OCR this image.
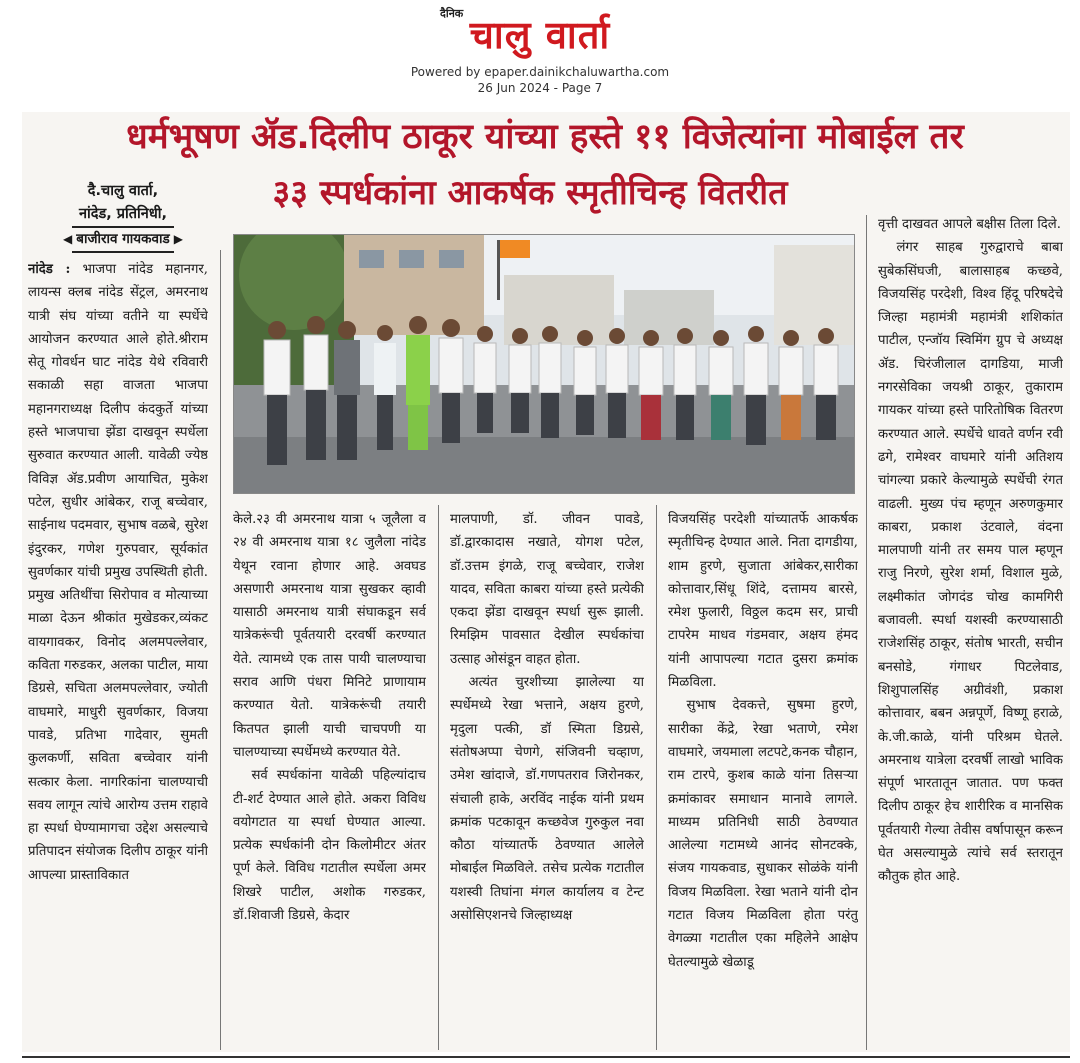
दैनिक चालु वार्ता
Powered by epaper.dainikchaluwartha.com
26 Jun 2024 - Page 7
धर्मभूषण ॲड.दिलीप ठाकूर यांच्या हस्ते ११ विजेत्यांना मोबाईल तर
३३ स्पर्धकांना आकर्षक स्मृतीचिन्ह वितरीत
दै.चालु वार्ता,
नांदेड, प्रतिनिधी,
◀ बाजीराव गायकवाड ▶

नांदेड : भाजपा नांदेड महानगर, लायन्स क्लब नांदेड सेंट्रल, अमरनाथ यात्री संघ यांच्या वतीने या स्पर्धेचे आयोजन करण्यात आले होते.श्रीराम सेतू गोवर्धन घाट नांदेड येथे रविवारी सकाळी सहा वाजता भाजपा महानगराध्यक्ष दिलीप कंदकुर्ते यांच्या हस्ते भाजपाचा झेंडा दाखवून स्पर्धेला सुरुवात करण्यात आली. यावेळी ज्येष्ठ विविज्ञ ॲड.प्रवीण आयाचित, मुकेश पटेल, सुधीर आंबेकर, राजू बच्चेवार, साईनाथ पदमवार, सुभाष वळबे, सुरेश इंदुरकर, गणेश गुरुपवार, सूर्यकांत सुवर्णकार यांची प्रमुख उपस्थिती होती. प्रमुख अतिथींचा सिरोपाव व मोत्याच्या माळा देऊन श्रीकांत मुखेडकर,व्यंकट वायगावकर, विनोद अलमपल्लेवार, कविता गरुडकर, अलका पाटील, माया डिग्रसे, सचिता अलमपल्लेवार, ज्योती वाघमारे, माधुरी सुवर्णकार, विजया पावडे, प्रतिभा गादेवार, सुमती कुलकर्णी, सविता बच्चेवार यांनी सत्कार केला. नागरिकांना चालण्याची सवय लागून त्यांचे आरोग्य उत्तम राहावे हा स्पर्धा घेण्यामागचा उद्देश असल्याचे प्रतिपादन संयोजक दिलीप ठाकूर यांनी आपल्या प्रास्ताविकात

केले.२३ वी अमरनाथ यात्रा ५ जूलैला व २४ वी अमरनाथ यात्रा १८ जुलैला नांदेड येथून रवाना होणार आहे. अवघड असणारी अमरनाथ यात्रा सुखकर व्हावी यासाठी अमरनाथ यात्री संघाकडून सर्व यात्रेकरूंची पूर्वतयारी दरवर्षी करण्यात येते. त्यामध्ये एक तास पायी चालण्याचा सराव आणि पंधरा मिनिटे प्राणायाम करण्यात येतो. यात्रेकरूंची तयारी कितपत झाली याची चाचपणी या चालण्याच्या स्पर्धेमध्ये करण्यात येते.

सर्व स्पर्धकांना यावेळी पहिल्यांदाच टी-शर्ट देण्यात आले होते. अकरा विविध वयोगटात या स्पर्धा घेण्यात आल्या. प्रत्येक स्पर्धकांनी दोन किलोमीटर अंतर पूर्ण केले. विविध गटातील स्पर्धेला अमर शिखरे पाटील, अशोक गरुडकर, डॉ.शिवाजी डिग्रसे, केदार

मालपाणी, डॉ. जीवन पावडे, डॉ.द्वारकादास नखाते, योगश पटेल, डॉ.उत्तम इंगळे, राजू बच्चेवार, राजेश यादव, सविता काबरा यांच्या हस्ते प्रत्येकी एकदा झेंडा दाखवून स्पर्धा सुरू झाली. रिमझिम पावसात देखील स्पर्धकांचा उत्साह ओसंडून वाहत होता.

अत्यंत चुरशीच्या झालेल्या या स्पर्धेमध्ये रेखा भत्ताने, अक्षय हुरणे, मृदुला पत्की, डॉ स्मिता डिग्रसे, संतोषअप्पा चेणगे, संजिवनी चव्हाण, उमेश खांदाजे, डॉ.गणपतराव जिरोनकर, संचाली हाके, अरविंद नाईक यांनी प्रथम क्रमांक पटकावून कच्छवेज गुरुकुल नवा कौठा यांच्यातर्फे ठेवण्यात आलेले मोबाईल मिळविले. तसेच प्रत्येक गटातील यशस्वी तिघांना मंगल कार्यालय व टेन्ट असोसिएशनचे जिल्हाध्यक्ष

विजयसिंह परदेशी यांच्यातर्फे आकर्षक स्मृतीचिन्ह देण्यात आले. निता दागडीया, शाम हुरणे, सुजाता आंबेकर,सारीका कोत्तावार,सिंधू शिंदे, दत्तामय बारसे, रमेश फुलारी, विठ्ठल कदम सर, प्राची टापरेम माधव गंडमवार, अक्षय हंमद यांनी आपापल्या गटात दुसरा क्रमांक मिळविला.

सुभाष देवकत्ते, सुषमा हुरणे, सारीका केंद्रे, रेखा भताणे, रमेश वाघमारे, जयमाला लटपटे,कनक चौहान, राम टारपे, कुशब काळे यांना तिसऱ्या क्रमांकावर समाधान मानावे लागले. माध्यम प्रतिनिधी साठी ठेवण्यात आलेल्या गटामध्ये आनंद सोनटक्के, संजय गायकवाड, सुधाकर सोळंके यांनी विजय मिळविला. रेखा भताने यांनी दोन गटात विजय मिळविला होता परंतु वेगळ्या गटातील एका महिलेने आक्षेप घेतल्यामुळे खेळाडू

वृत्ती दाखवत आपले बक्षीस तिला दिले.

लंगर साहब गुरुद्वाराचे बाबा सुबेकसिंघजी, बालासाहब कच्छवे, विजयसिंह परदेशी, विश्व हिंदू परिषदेचे जिल्हा महामंत्री महामंत्री शशिकांत पाटील, एन्जॉय स्विमिंग ग्रुप चे अध्यक्ष ॲड. चिरंजीलाल दागडिया, माजी नगरसेविका जयश्री ठाकूर, तुकाराम गायकर यांच्या हस्ते पारितोषिक वितरण करण्यात आले. स्पर्धेचे धावते वर्णन रवी ढगे, रामेश्वर वाघमारे यांनी अतिशय चांगल्या प्रकारे केल्यामुळे स्पर्धेची रंगत वाढली. मुख्य पंच म्हणून अरुणकुमार काबरा, प्रकाश उंटवाले, वंदना मालपाणी यांनी तर समय पाल म्हणून राजु निरणे, सुरेश शर्मा, विशाल मुळे, लक्ष्मीकांत जोगदंड चोख कामगिरी बजावली. स्पर्धा यशस्वी करण्यासाठी राजेशसिंह ठाकूर, संतोष भारती, सचीन बनसोडे, गंगाधर पिटलेवाड, शिशुपालसिंह अग्रीवंशी, प्रकाश कोत्तावार, बबन अन्नपूर्णे, विष्णू हराळे, के.जी.काळे, यांनी परिश्रम घेतले. अमरनाथ यात्रेला दरवर्षी लाखो भाविक संपूर्ण भारतातून जातात. पण फक्त दिलीप ठाकूर हेच शारीरिक व मानसिक पूर्वतयारी गेल्या तेवीस वर्षापासून करून घेत असल्यामुळे त्यांचे सर्व स्तरातून कौतुक होत आहे.
